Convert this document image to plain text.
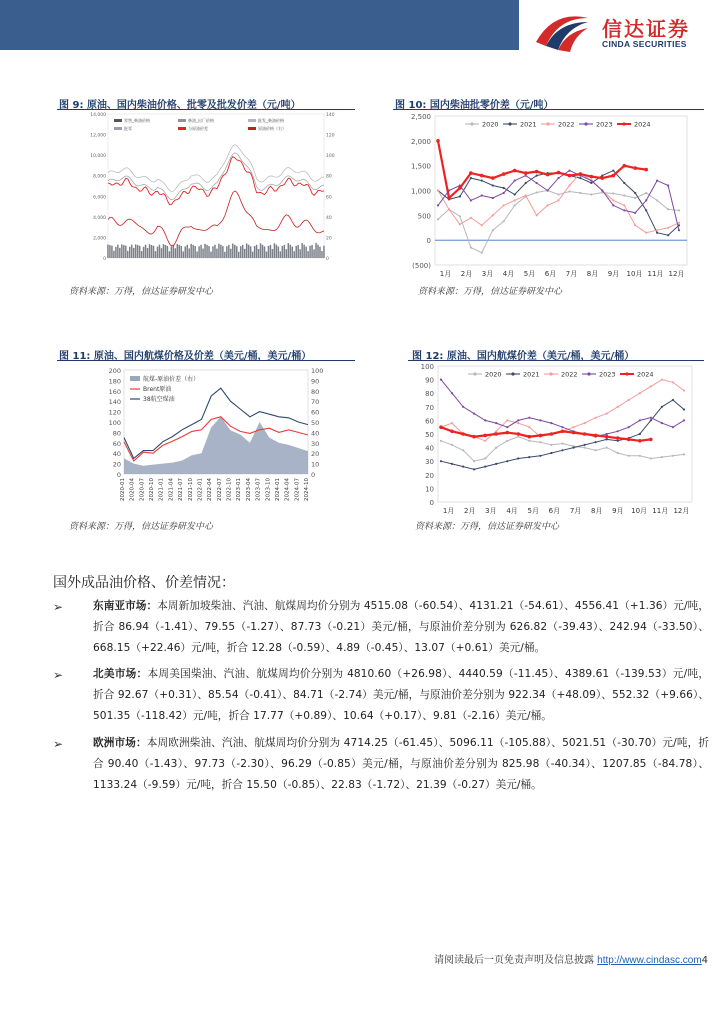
信达证券
CINDA SECURITIES
图 9: 原油、国内柴油价格、批零及批发价差（元/吨）
0
2,000
4,000
6,000
8,000
10,000
12,000
14,000
0
20
40
60
80
100
120
140
零售_柴油价格	柴油_出厂价格	批发_柴油价格
批零	与原油价差	原油价格（右）
资料来源：万得，信达证券研发中心
图 10: 国内柴油批零价差（元/吨）
(500)
0
500
1,000
1,500
2,000
2,500
1月 2月 3月 4月 5月 6月 7月 8月 9月 10月 11月 12月
2020	2021	2022	2023	2024
资料来源：万得，信达证券研发中心
图 11: 原油、国内航煤价格及价差（美元/桶，美元/桶）
0
20
40
60
80
100
120
140
160
180
200
0
10
20
30
40
50
60
70
80
90
100
2020-01 2020-04 2020-07 2020-10 2021-01 2021-04 2021-07 2021-10 2022-01 2022-04 2022-07 2022-10 2023-01 2023-04 2023-07 2023-10 2024-01 2024-04 2024-07 2024-10
航煤-原油价差（右）
Brent原油
38航空煤油
资料来源：万得，信达证券研发中心
图 12: 原油、国内航煤价差（美元/桶，美元/桶）
0
10
20
30
40
50
60
70
80
90
100
1月 2月 3月 4月 5月 6月 7月 8月 9月 10月 11月 12月
2020	2021	2022	2023	2024
资料来源：万得，信达证券研发中心
国外成品油价格、价差情况：
➢	东南亚市场：本周新加坡柴油、汽油、航煤周均价分别为 4515.08（-60.54）、4131.21（-54.61）、4556.41（+1.36）元/吨，折合 86.94（-1.41）、79.55（-1.27）、87.73（-0.21）美元/桶，与原油价差分别为 626.82（-39.43）、242.94（-33.50）、668.15（+22.46）元/吨，折合 12.28（-0.59）、4.89（-0.45）、13.07（+0.61）美元/桶。
➢	北美市场：本周美国柴油、汽油、航煤周均价分别为 4810.60（+26.98）、4440.59（-11.45）、4389.61（-139.53）元/吨，折合 92.67（+0.31）、85.54（-0.41）、84.71（-2.74）美元/桶，与原油价差分别为 922.34（+48.09）、552.32（+9.66）、501.35（-118.42）元/吨，折合 17.77（+0.89）、10.64（+0.17）、9.81（-2.16）美元/桶。
➢	欧洲市场：本周欧洲柴油、汽油、航煤周均价分别为 4714.25（-61.45）、5096.11（-105.88）、5021.51（-30.70）元/吨，折合 90.40（-1.43）、97.73（-2.30）、96.29（-0.85）美元/桶，与原油价差分别为 825.98（-40.34）、1207.85（-84.78）、1133.24（-9.59）元/吨，折合 15.50（-0.85）、22.83（-1.72）、21.39（-0.27）美元/桶。
请阅读最后一页免责声明及信息披露 http://www.cindasc.com4
